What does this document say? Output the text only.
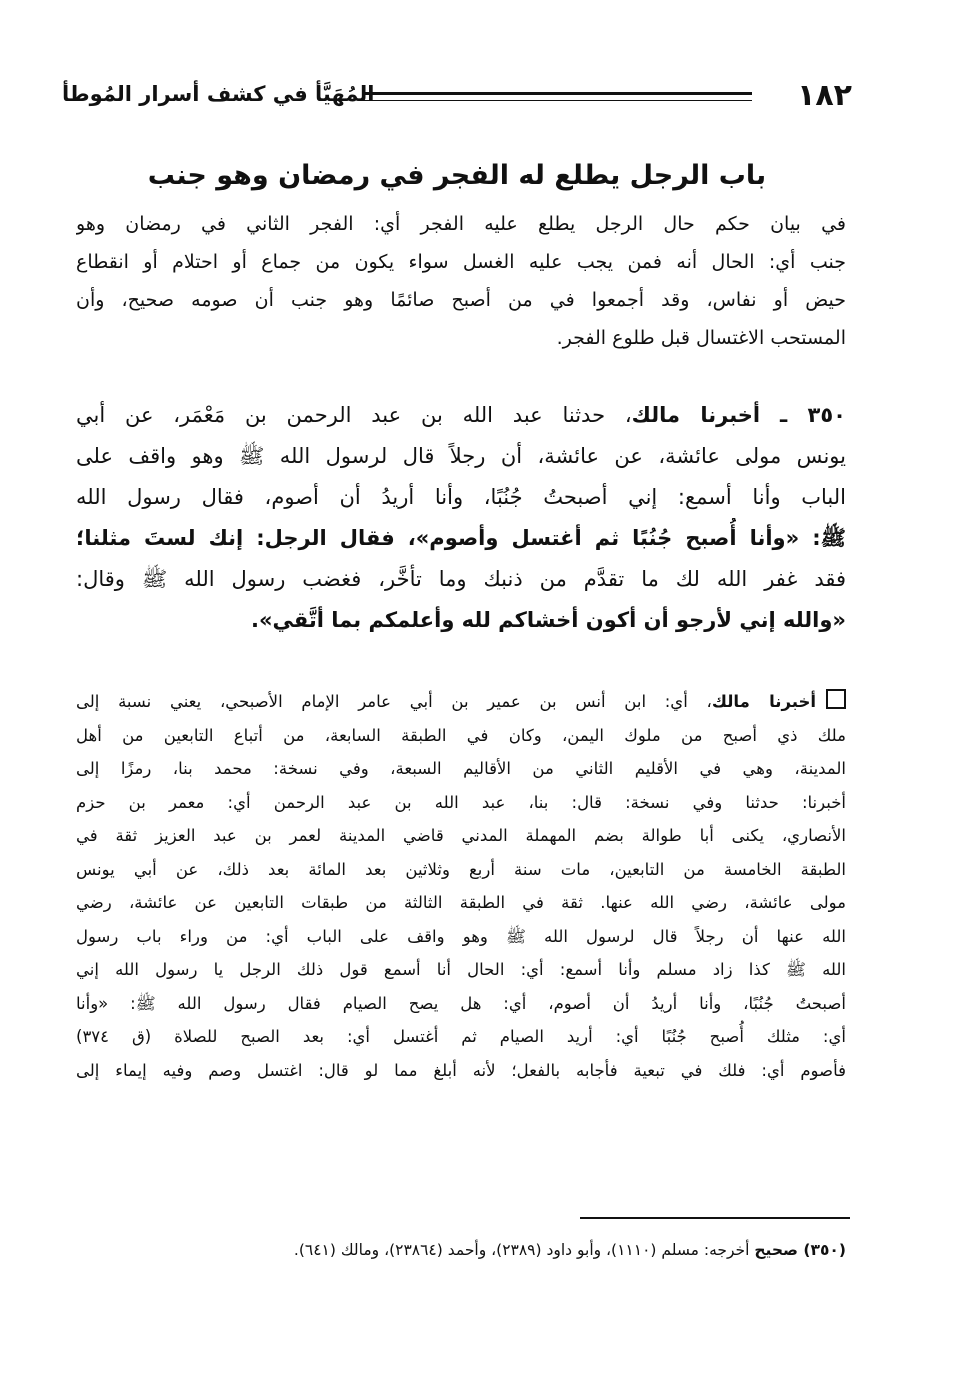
١٨٢
المُهَيَّأ في كشف أسرار المُوطأ
باب الرجل يطلع له الفجر في رمضان وهو جنب
في بيان حكم حال الرجل يطلع عليه الفجر أي: الفجر الثاني في رمضان وهو
جنب أي: الحال أنه فمن يجب عليه الغسل سواء يكون من جماع أو احتلام أو انقطاع
حيض أو نفاس، وقد أجمعوا في من أصبح صائمًا وهو جنب أن صومه صحيح، وأن
المستحب الاغتسال قبل طلوع الفجر.
٣٥٠ ـ أخبرنا مالك، حدثنا عبد الله بن عبد الرحمن بن مَعْمَر، عن أبي
يونس مولى عائشة، عن عائشة، أن رجلاً قال لرسول الله ﷺ وهو واقف على
الباب وأنا أسمع: إني أصبحتُ جُنُبًا، وأنا أريدُ أن أصوم، فقال رسول الله
ﷺ: «وأنا أُصبح جُنُبًا ثم أغتسل وأصوم»، فقال الرجل: إنك لستَ مثلنا؛
فقد غفر الله لك ما تقدَّم من ذنبك وما تأخَّر، فغضب رسول الله ﷺ وقال:
«والله إني لأرجو أن أكون أخشاكم لله وأعلمكم بما أتَّقي».
أخبرنا مالك، أي: ابن أنس بن عمير بن أبي عامر الإمام الأصبحي، يعني نسبة إلى
ملك ذي أصبح من ملوك اليمن، وكان في الطبقة السابعة، من أتباع التابعين من أهل
المدينة، وهي في الأقليم الثاني من الأقاليم السبعة، وفي نسخة: محمد بنا، رمزًا إلى
أخبرنا: حدثنا وفي نسخة: قال: بنا، عبد الله بن عبد الرحمن أي: معمر بن حزم
الأنصاري، يكنى أبا طوالة بضم المهملة المدني قاضي المدينة لعمر بن عبد العزيز ثقة في
الطبقة الخامسة من التابعين، مات سنة أربع وثلاثين بعد المائة بعد ذلك، عن أبي يونس
مولى عائشة، رضي الله عنها. ثقة في الطبقة الثالثة من طبقات التابعين عن عائشة، رضي
الله عنها أن رجلاً قال لرسول الله ﷺ وهو واقف على الباب أي: من وراء باب رسول
الله ﷺ كذا زاد مسلم وأنا أسمع: أي: الحال أنا أسمع قول ذلك الرجل يا رسول الله إني
أصبحتُ جُنُبًا، وأنا أريدُ أن أصوم، أي: هل يصح الصيام فقال رسول الله ﷺ: «وأنا
أي: مثلك أُصبح جُنُبًا أي: أريد الصيام ثم أغتسل أي: بعد الصبح للصلاة (ق ٣٧٤)
فأصوم أي: فلك في تبعية فأجابه بالفعل؛ لأنه أبلغ مما لو قال: اغتسل وصم وفيه إيماء إلى
(٣٥٠) صحيح أخرجه: مسلم (١١١٠)، وأبو داود (٢٣٨٩)، وأحمد (٢٣٨٦٤)، ومالك (٦٤١).
